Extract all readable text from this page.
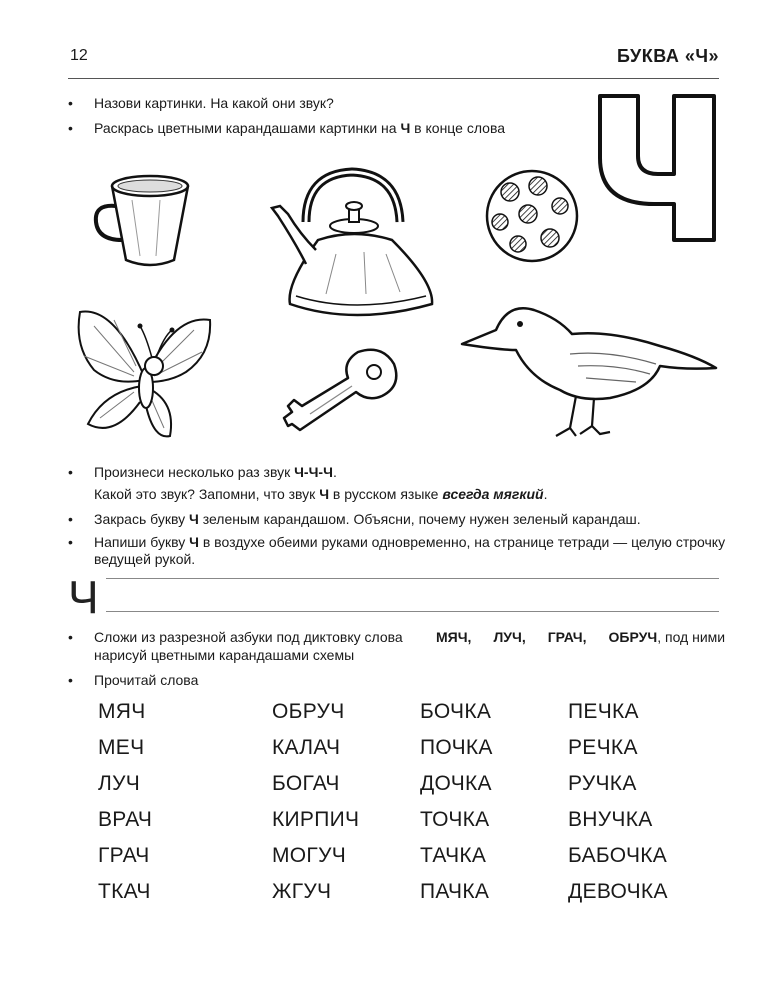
12	БУКВА «Ч»
• Назови картинки. На какой они звук?
• Раскрась цветными карандашами картинки на Ч в конце слова
• Произнеси несколько раз звук Ч-Ч-Ч.
Какой это звук? Запомни, что звук Ч в русском языке всегда мягкий.
• Закрась букву Ч зеленым карандашом. Объясни, почему нужен зеленый карандаш.
• Напиши букву Ч в воздухе обеими руками одновременно, на странице тетради — целую строчку
ведущей рукой.
Ч
• Сложи из разрезной азбуки под диктовку слова МЯЧ, ЛУЧ, ГРАЧ, ОБРУЧ, под ними
нарисуй цветными карандашами схемы
• Прочитай слова
МЯЧ
МЕЧ
ЛУЧ
ВРАЧ
ГРАЧ
ТКАЧ
ОБРУЧ
КАЛАЧ
БОГАЧ
КИРПИЧ
МОГУЧ
ЖГУЧ
БОЧКА
ПОЧКА
ДОЧКА
ТОЧКА
ТАЧКА
ПАЧКА
ПЕЧКА
РЕЧКА
РУЧКА
ВНУЧКА
БАБОЧКА
ДЕВОЧКА
